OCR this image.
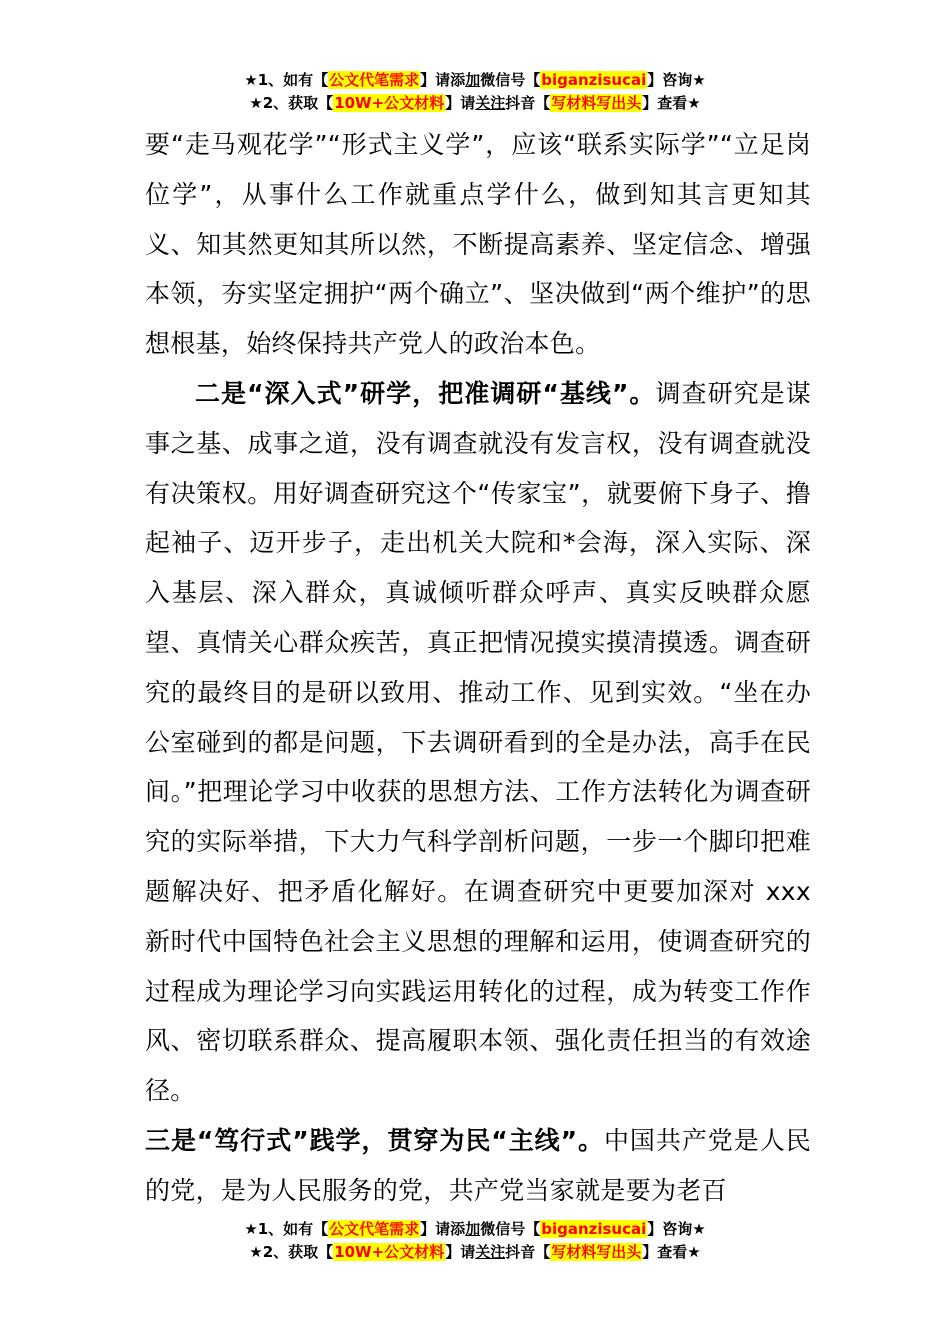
★1、如有【公文代笔需求】请添加微信号【biganzisucai】咨询★
★2、获取【10W+公文材料】请关注抖音【写材料写出头】查看★

要“走马观花学”“形式主义学”，应该“联系实际学”“立足岗位学”，从事什么工作就重点学什么，做到知其言更知其义、知其然更知其所以然，不断提高素养、坚定信念、增强本领，夯实坚定拥护“两个确立”、坚决做到“两个维护”的思想根基，始终保持共产党人的政治本色。

二是“深入式”研学，把准调研“基线”。调查研究是谋事之基、成事之道，没有调查就没有发言权，没有调查就没有决策权。用好调查研究这个“传家宝”，就要俯下身子、撸起袖子、迈开步子，走出机关大院和*会海，深入实际、深入基层、深入群众，真诚倾听群众呼声、真实反映群众愿望、真情关心群众疾苦，真正把情况摸实摸清摸透。调查研究的最终目的是研以致用、推动工作、见到实效。“坐在办公室碰到的都是问题，下去调研看到的全是办法，高手在民间。”把理论学习中收获的思想方法、工作方法转化为调查研究的实际举措，下大力气科学剖析问题，一步一个脚印把难题解决好、把矛盾化解好。在调查研究中更要加深对 xxx 新时代中国特色社会主义思想的理解和运用，使调查研究的过程成为理论学习向实践运用转化的过程，成为转变工作作风、密切联系群众、提高履职本领、强化责任担当的有效途径。

三是“笃行式”践学，贯穿为民“主线”。中国共产党是人民的党，是为人民服务的党，共产党当家就是要为老百

★1、如有【公文代笔需求】请添加微信号【biganzisucai】咨询★
★2、获取【10W+公文材料】请关注抖音【写材料写出头】查看★
